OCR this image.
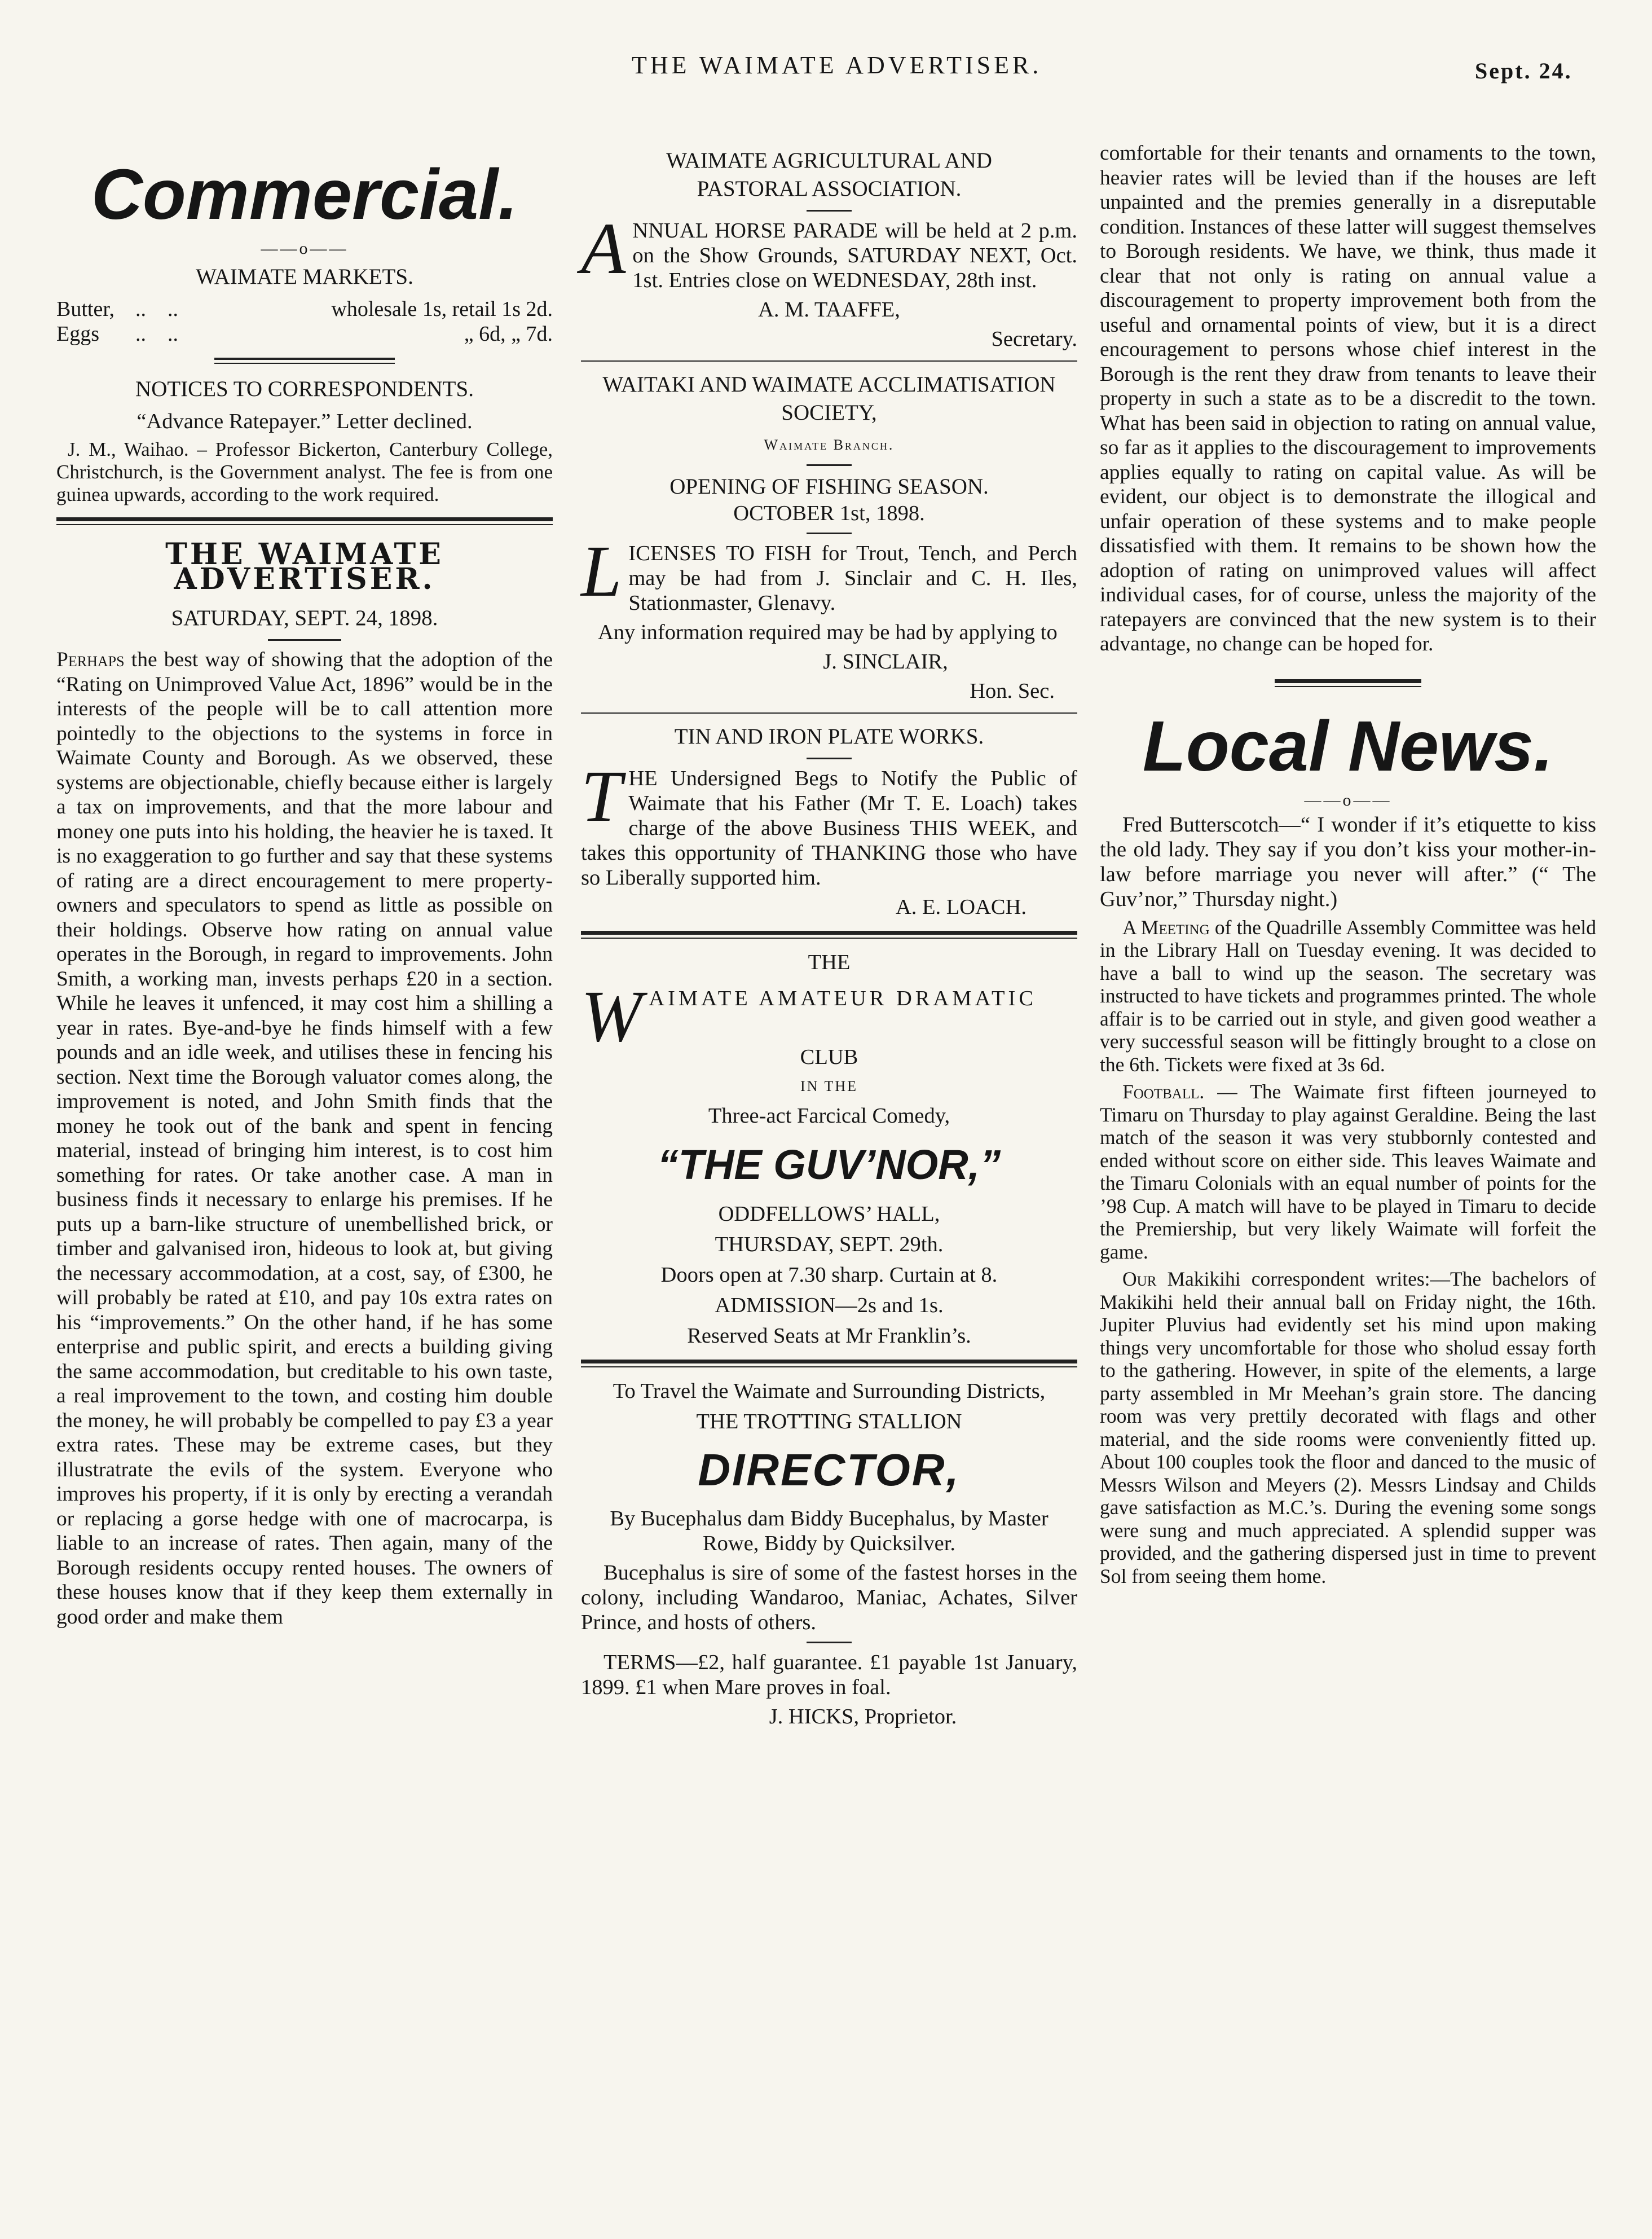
THE WAIMATE ADVERTISER.	Sept. 24.
Commercial.
——o——
WAIMATE MARKETS.
Butter, ..    ..	wholesale 1s, retail 1s 2d.
Eggs	..    ..	„ 6d, „ 7d.
NOTICES TO CORRESPONDENTS.

“Advance Ratepayer.” Letter declined.

J. M., Waihao. – Professor Bickerton, Canterbury College, Christchurch, is the Government analyst. The fee is from one guinea upwards, according to the work required.

THE WAIMATE ADVERTISER.
SATURDAY, SEPT. 24, 1898.

Perhaps the best way of showing that the adoption of the “Rating on Unimproved Value Act, 1896” would be in the interests of the people will be to call attention more pointedly to the objections to the systems in force in Waimate County and Borough. As we observed, these systems are objectionable, chiefly because either is largely a tax on improvements, and that the more labour and money one puts into his holding, the heavier he is taxed. It is no exaggeration to go further and say that these systems of rating are a direct encouragement to mere property-owners and speculators to spend as little as possible on their holdings. Observe how rating on annual value operates in the Borough, in regard to improvements. John Smith, a working man, invests perhaps £20 in a section. While he leaves it unfenced, it may cost him a shilling a year in rates. Bye-and-bye he finds himself with a few pounds and an idle week, and utilises these in fencing his section. Next time the Borough valuator comes along, the improvement is noted, and John Smith finds that the money he took out of the bank and spent in fencing material, instead of bringing him interest, is to cost him something for rates. Or take another case. A man in business finds it necessary to enlarge his premises. If he puts up a barn-like structure of unembellished brick, or timber and galvanised iron, hideous to look at, but giving the necessary accommodation, at a cost, say, of £300, he will probably be rated at £10, and pay 10s extra rates on his “improvements.” On the other hand, if he has some enterprise and public spirit, and erects a building giving the same accommodation, but creditable to his own taste, a real improvement to the town, and costing him double the money, he will probably be compelled to pay £3 a year extra rates. These may be extreme cases, but they illustratrate the evils of the system. Everyone who improves his property, if it is only by erecting a verandah or replacing a gorse hedge with one of macrocarpa, is liable to an increase of rates. Then again, many of the Borough residents occupy rented houses. The owners of these houses know that if they keep them externally in good order and make them

WAIMATE AGRICULTURAL AND PASTORAL ASSOCIATION.

ANNUAL HORSE PARADE will be held at 2 p.m. on the Show Grounds, SATURDAY NEXT, Oct. 1st. Entries close on WEDNESDAY, 28th inst.

A. M. TAAFFE,

Secretary.

WAITAKI AND WAIMATE ACCLIMATISATION SOCIETY,
Waimate Branch.
OPENING OF FISHING SEASON.
OCTOBER 1st, 1898.

LICENSES TO FISH for Trout, Tench, and Perch may be had from J. Sinclair and C. H. Iles, Stationmaster, Glenavy.

Any information required may be had by applying to

J. SINCLAIR,

Hon. Sec.

TIN AND IRON PLATE WORKS.

THE Undersigned Begs to Notify the Public of Waimate that his Father (Mr T. E. Loach) takes charge of the above Business THIS WEEK, and takes this opportunity of THANKING those who have so Liberally supported him.

A. E. LOACH.

THE

WAIMATE AMATEUR DRAMATIC

CLUB
IN THE
Three-act Farcical Comedy,
“THE GUV’NOR,”
ODDFELLOWS’ HALL,
THURSDAY, SEPT. 29th.
Doors open at 7.30 sharp. Curtain at 8.
ADMISSION—2s and 1s.
Reserved Seats at Mr Franklin’s.
To Travel the Waimate and Surrounding Districts,
THE TROTTING STALLION
DIRECTOR,

By Bucephalus dam Biddy Bucephalus, by Master Rowe, Biddy by Quicksilver.

Bucephalus is sire of some of the fastest horses in the colony, including Wandaroo, Maniac, Achates, Silver Prince, and hosts of others.

TERMS—£2, half guarantee. £1 payable 1st January, 1899. £1 when Mare proves in foal.

J. HICKS, Proprietor.

comfortable for their tenants and ornaments to the town, heavier rates will be levied than if the houses are left unpainted and the premies generally in a disreputable condition. Instances of these latter will suggest themselves to Borough residents. We have, we think, thus made it clear that not only is rating on annual value a discouragement to property improvement both from the useful and ornamental points of view, but it is a direct encouragement to persons whose chief interest in the Borough is the rent they draw from tenants to leave their property in such a state as to be a discredit to the town. What has been said in objection to rating on annual value, so far as it applies to the discouragement to improvements applies equally to rating on capital value. As will be evident, our object is to demonstrate the illogical and unfair operation of these systems and to make people dissatisfied with them. It remains to be shown how the adoption of rating on unimproved values will affect individual cases, for of course, unless the majority of the ratepayers are convinced that the new system is to their advantage, no change can be hoped for.

Local News.
——o——

Fred Butterscotch—“ I wonder if it’s etiquette to kiss the old lady. They say if you don’t kiss your mother-in-law before marriage you never will after.” (“ The Guv’nor,” Thursday night.)

A Meeting of the Quadrille Assembly Committee was held in the Library Hall on Tuesday evening. It was decided to have a ball to wind up the season. The secretary was instructed to have tickets and programmes printed. The whole affair is to be carried out in style, and given good weather a very successful season will be fittingly brought to a close on the 6th. Tickets were fixed at 3s 6d.

Football. — The Waimate first fifteen journeyed to Timaru on Thursday to play against Geraldine. Being the last match of the season it was very stubbornly contested and ended without score on either side. This leaves Waimate and the Timaru Colonials with an equal number of points for the ’98 Cup. A match will have to be played in Timaru to decide the Premiership, but very likely Waimate will forfeit the game.

Our Makikihi correspondent writes:—The bachelors of Makikihi held their annual ball on Friday night, the 16th. Jupiter Pluvius had evidently set his mind upon making things very uncomfortable for those who sholud essay forth to the gathering. However, in spite of the elements, a large party assembled in Mr Meehan’s grain store. The dancing room was very prettily decorated with flags and other material, and the side rooms were conveniently fitted up. About 100 couples took the floor and danced to the music of Messrs Wilson and Meyers (2). Messrs Lindsay and Childs gave satisfaction as M.C.’s. During the evening some songs were sung and much appreciated. A splendid supper was provided, and the gathering dispersed just in time to prevent Sol from seeing them home.
